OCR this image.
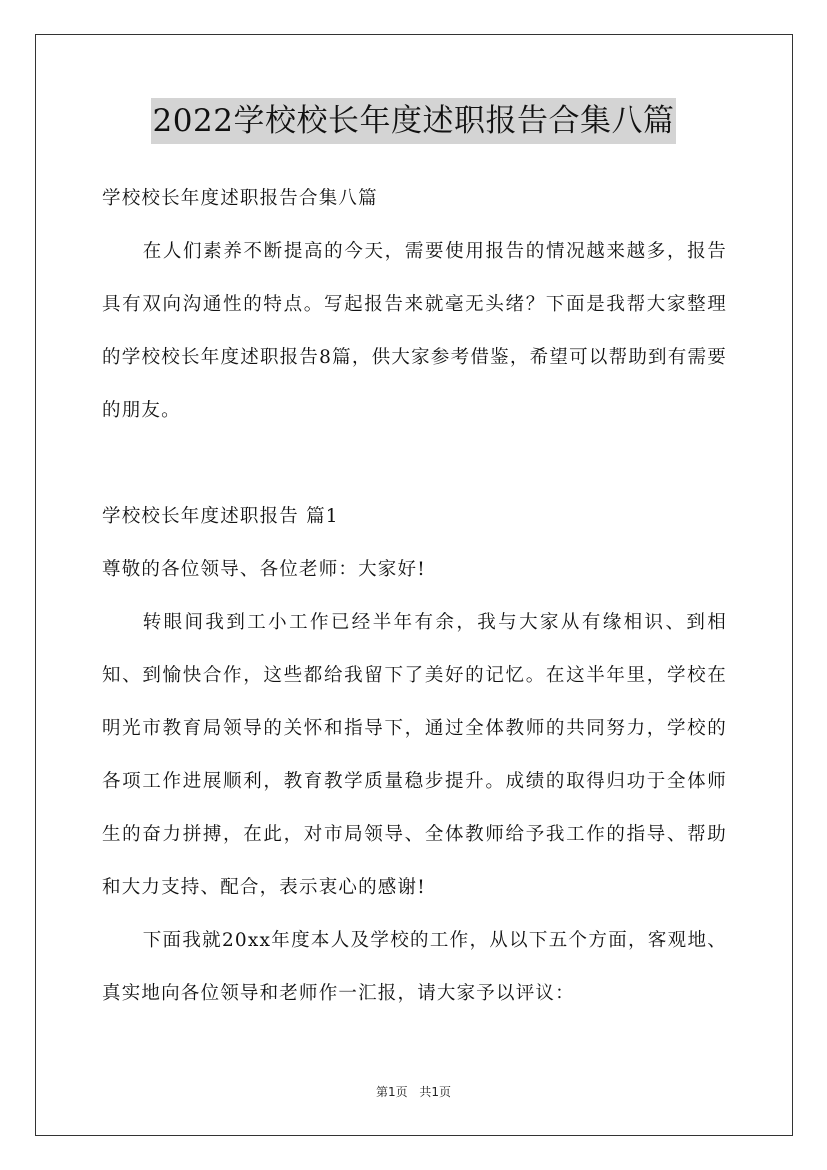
2022学校校长年度述职报告合集八篇

学校校长年度述职报告合集八篇

在人们素养不断提高的今天，需要使用报告的情况越来越多，报告具有双向沟通性的特点。写起报告来就毫无头绪？下面是我帮大家整理的学校校长年度述职报告8篇，供大家参考借鉴，希望可以帮助到有需要的朋友。

学校校长年度述职报告 篇1

尊敬的各位领导、各位老师：大家好!

转眼间我到工小工作已经半年有余，我与大家从有缘相识、到相知、到愉快合作，这些都给我留下了美好的记忆。在这半年里，学校在明光市教育局领导的关怀和指导下，通过全体教师的共同努力，学校的各项工作进展顺利，教育教学质量稳步提升。成绩的取得归功于全体师生的奋力拼搏，在此，对市局领导、全体教师给予我工作的指导、帮助和大力支持、配合，表示衷心的感谢!

下面我就20xx年度本人及学校的工作，从以下五个方面，客观地、真实地向各位领导和老师作一汇报，请大家予以评议：

第1页 共1页
